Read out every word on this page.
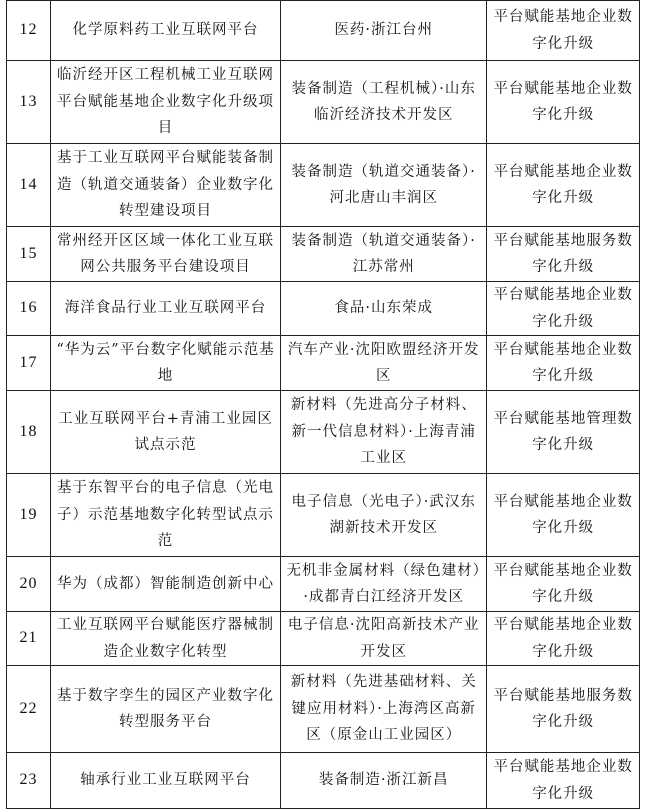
12	化学原料药工业互联网平台	医药·浙江台州	平台赋能基地企业数字化升级
13	临沂经开区工程机械工业互联网平台赋能基地企业数字化升级项目	装备制造（工程机械）·山东临沂经济技术开发区	平台赋能基地企业数字化升级
14	基于工业互联网平台赋能装备制造（轨道交通装备）企业数字化转型建设项目	装备制造（轨道交通装备）·河北唐山丰润区	平台赋能基地企业数字化升级
15	常州经开区区域一体化工业互联网公共服务平台建设项目	装备制造（轨道交通装备）·江苏常州	平台赋能基地服务数字化升级
16	海洋食品行业工业互联网平台	食品·山东荣成	平台赋能基地企业数字化升级
17	“华为云”平台数字化赋能示范基地	汽车产业·沈阳欧盟经济开发区	平台赋能基地企业数字化升级
18	工业互联网平台+青浦工业园区试点示范	新材料（先进高分子材料、新一代信息材料）·上海青浦工业区	平台赋能基地管理数字化升级
19	基于东智平台的电子信息（光电子）示范基地数字化转型试点示范	电子信息（光电子）·武汉东湖新技术开发区	平台赋能基地企业数字化升级
20	华为（成都）智能制造创新中心	无机非金属材料（绿色建材）·成都青白江经济开发区	平台赋能基地企业数字化升级
21	工业互联网平台赋能医疗器械制造企业数字化转型	电子信息·沈阳高新技术产业开发区	平台赋能基地企业数字化升级
22	基于数字孪生的园区产业数字化转型服务平台	新材料（先进基础材料、关键应用材料）·上海湾区高新区（原金山工业园区）	平台赋能基地服务数字化升级
23	轴承行业工业互联网平台	装备制造·浙江新昌	平台赋能基地企业数字化升级
